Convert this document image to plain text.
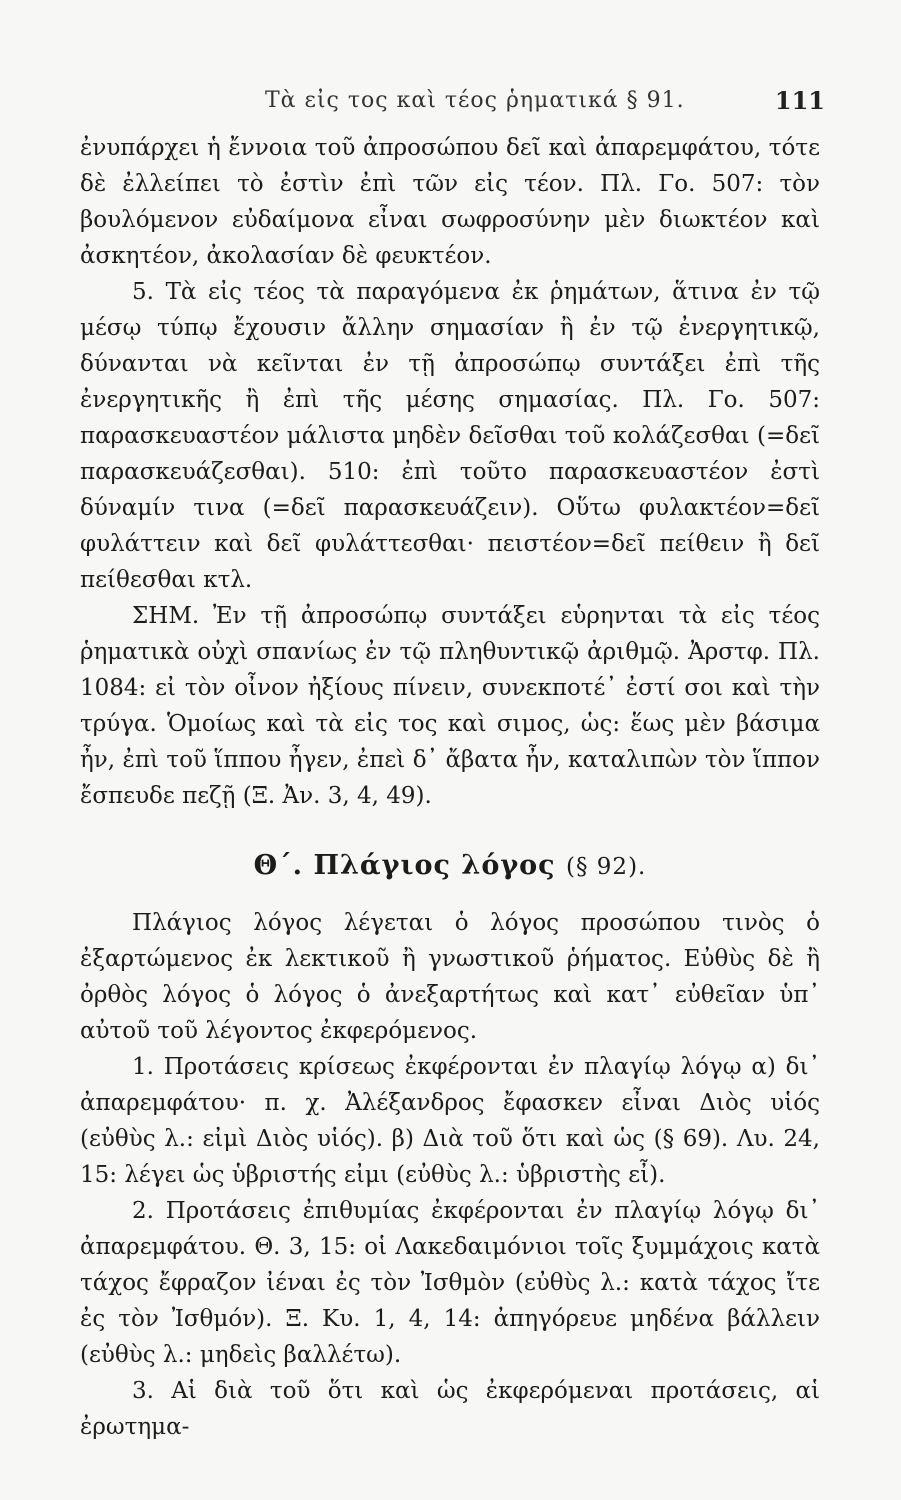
Τὰ εἰς τος καὶ τέος ῥηματικά § 91.	111

ἐνυπάρχει ἡ ἔννοια τοῦ ἀπροσώπου δεῖ καὶ ἀπαρεμφάτου, τότε δὲ ἐλλείπει τὸ ἐστὶν ἐπὶ τῶν εἰς τέον. Πλ. Γο. 507: τὸν βουλόμενον εὐδαίμονα εἶναι σωφροσύνην μὲν διωκτέον καὶ ἀσκητέον, ἀκολασίαν δὲ φευκτέον.

5. Τὰ εἰς τέος τὰ παραγόμενα ἐκ ῥημάτων, ἅτινα ἐν τῷ μέσῳ τύπῳ ἔχουσιν ἄλλην σημασίαν ἢ ἐν τῷ ἐνεργητικῷ, δύνανται νὰ κεῖνται ἐν τῇ ἀπροσώπῳ συντάξει ἐπὶ τῆς ἐνεργητικῆς ἢ ἐπὶ τῆς μέσης σημασίας. Πλ. Γο. 507: παρασκευαστέον μάλιστα μηδὲν δεῖσθαι τοῦ κολάζεσθαι (=δεῖ παρασκευάζεσθαι). 510: ἐπὶ τοῦτο παρασκευαστέον ἐστὶ δύναμίν τινα (=δεῖ παρασκευάζειν). Οὕτω φυλακτέον=δεῖ φυλάττειν καὶ δεῖ φυλάττεσθαι· πειστέον=δεῖ πείθειν ἢ δεῖ πείθεσθαι κτλ.

ΣΗΜ. Ἐν τῇ ἀπροσώπῳ συντάξει εὑρηνται τὰ εἰς τέος ῥηματικὰ οὐχὶ σπανίως ἐν τῷ πληθυντικῷ ἀριθμῷ. Ἀρστφ. Πλ. 1084: εἰ τὸν οἶνον ἠξίους πίνειν, συνεκποτέ᾽ ἐστί σοι καὶ τὴν τρύγα. Ὁμοίως καὶ τὰ εἰς τος καὶ σιμος, ὡς: ἕως μὲν βάσιμα ἦν, ἐπὶ τοῦ ἵππου ἦγεν, ἐπεὶ δ᾽ ἄβατα ἦν, καταλιπὼν τὸν ἵππον ἔσπευδε πεζῇ (Ξ. Ἀν. 3, 4, 49).

Θ΄. Πλάγιος λόγος (§ 92).

Πλάγιος λόγος λέγεται ὁ λόγος προσώπου τινὸς ὁ ἐξαρτώμενος ἐκ λεκτικοῦ ἢ γνωστικοῦ ῥήματος. Εὐθὺς δὲ ἢ ὀρθὸς λόγος ὁ λόγος ὁ ἀνεξαρτήτως καὶ κατ᾽ εὐθεῖαν ὑπ᾽ αὐτοῦ τοῦ λέγοντος ἐκφερόμενος.

1. Προτάσεις κρίσεως ἐκφέρονται ἐν πλαγίῳ λόγῳ α) δι᾽ ἀπαρεμφάτου· π. χ. Ἀλέξανδρος ἔφασκεν εἶναι Διὸς υἱός (εὐθὺς λ.: εἰμὶ Διὸς υἱός). β) Διὰ τοῦ ὅτι καὶ ὡς (§ 69). Λυ. 24, 15: λέγει ὡς ὑβριστής εἰμι (εὐθὺς λ.: ὑβριστὴς εἶ).

2. Προτάσεις ἐπιθυμίας ἐκφέρονται ἐν πλαγίῳ λόγῳ δι᾽ ἀπαρεμφάτου. Θ. 3, 15: οἱ Λακεδαιμόνιοι τοῖς ξυμμάχοις κατὰ τάχος ἔφραζον ἰέναι ἐς τὸν Ἰσθμὸν (εὐθὺς λ.: κατὰ τάχος ἴτε ἐς τὸν Ἰσθμόν). Ξ. Κυ. 1, 4, 14: ἀπηγόρευε μηδένα βάλλειν (εὐθὺς λ.: μηδεὶς βαλλέτω).

3. Αἱ διὰ τοῦ ὅτι καὶ ὡς ἐκφερόμεναι προτάσεις, αἱ ἐρωτημα-
